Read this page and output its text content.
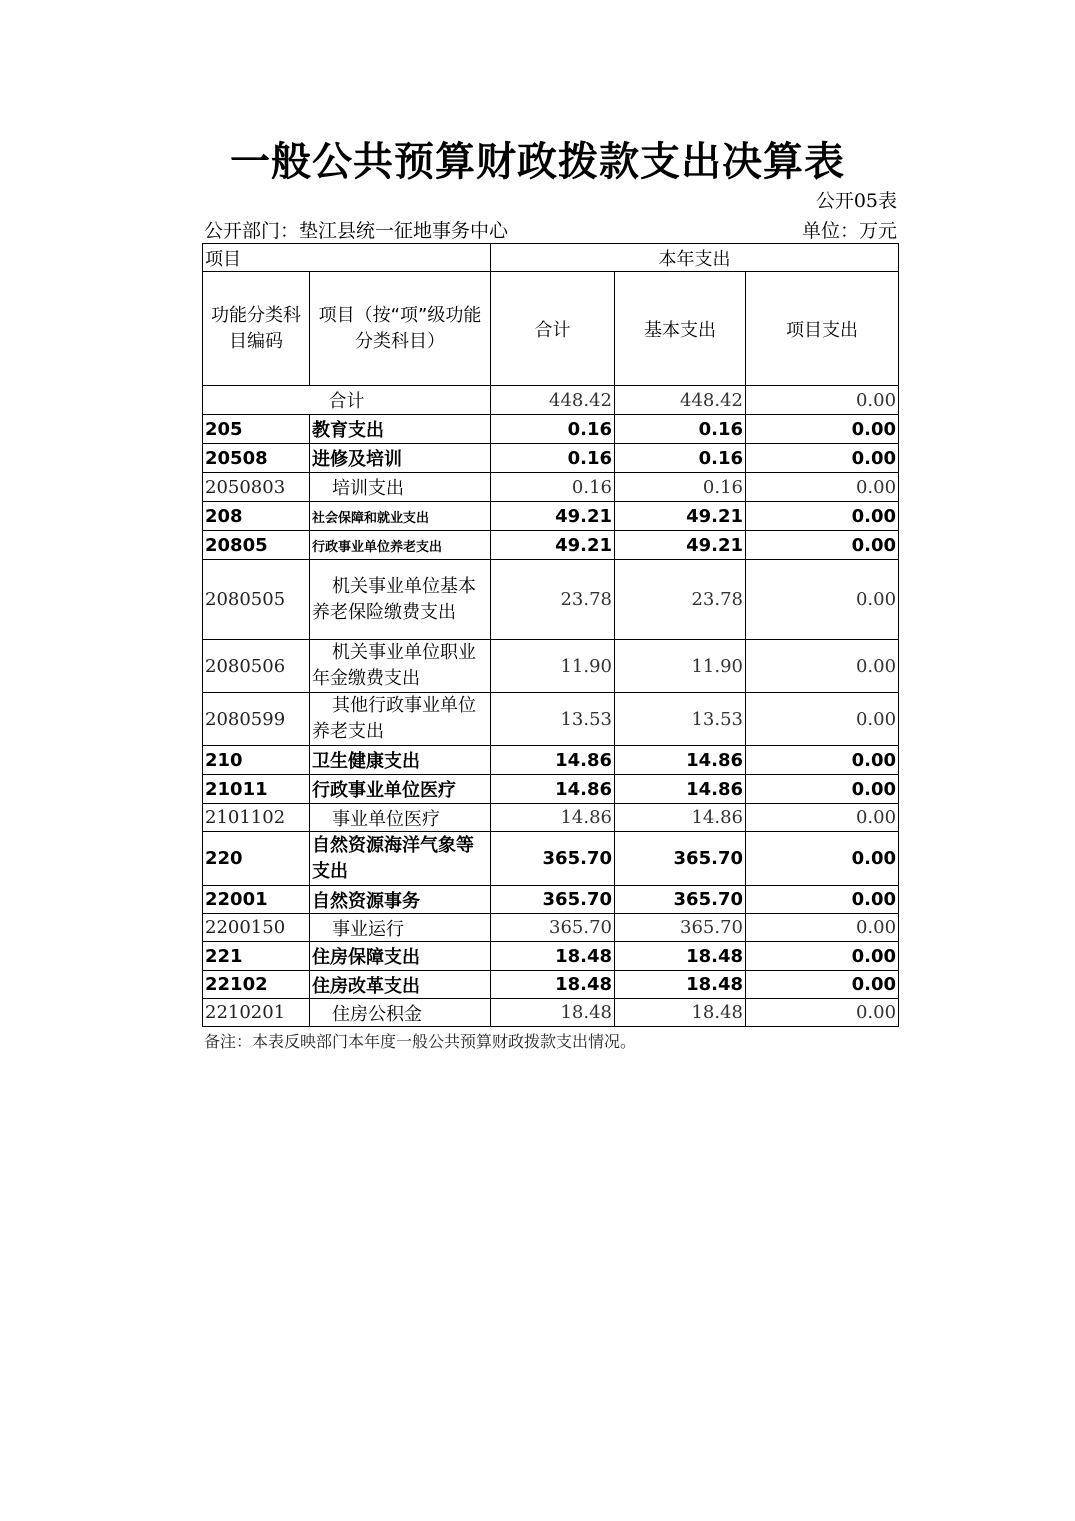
一般公共预算财政拨款支出决算表
公开05表
公开部门：垫江县统一征地事务中心	单位：万元
项目		本年支出		
功能分类科目编码	项目（按“项”级功能分类科目）	合计	基本支出	项目支出
合计		448.42	448.42	0.00
205	教育支出	0.16	0.16	0.00
20508	进修及培训	0.16	0.16	0.00
2050803	培训支出	0.16	0.16	0.00
208	社会保障和就业支出	49.21	49.21	0.00
20805	行政事业单位养老支出	49.21	49.21	0.00
2080505	机关事业单位基本养老保险缴费支出	23.78	23.78	0.00
2080506	机关事业单位职业年金缴费支出	11.90	11.90	0.00
2080599	其他行政事业单位养老支出	13.53	13.53	0.00
210	卫生健康支出	14.86	14.86	0.00
21011	行政事业单位医疗	14.86	14.86	0.00
2101102	事业单位医疗	14.86	14.86	0.00
220	自然资源海洋气象等支出	365.70	365.70	0.00
22001	自然资源事务	365.70	365.70	0.00
2200150	事业运行	365.70	365.70	0.00
221	住房保障支出	18.48	18.48	0.00
22102	住房改革支出	18.48	18.48	0.00
2210201	住房公积金	18.48	18.48	0.00
备注：本表反映部门本年度一般公共预算财政拨款支出情况。
